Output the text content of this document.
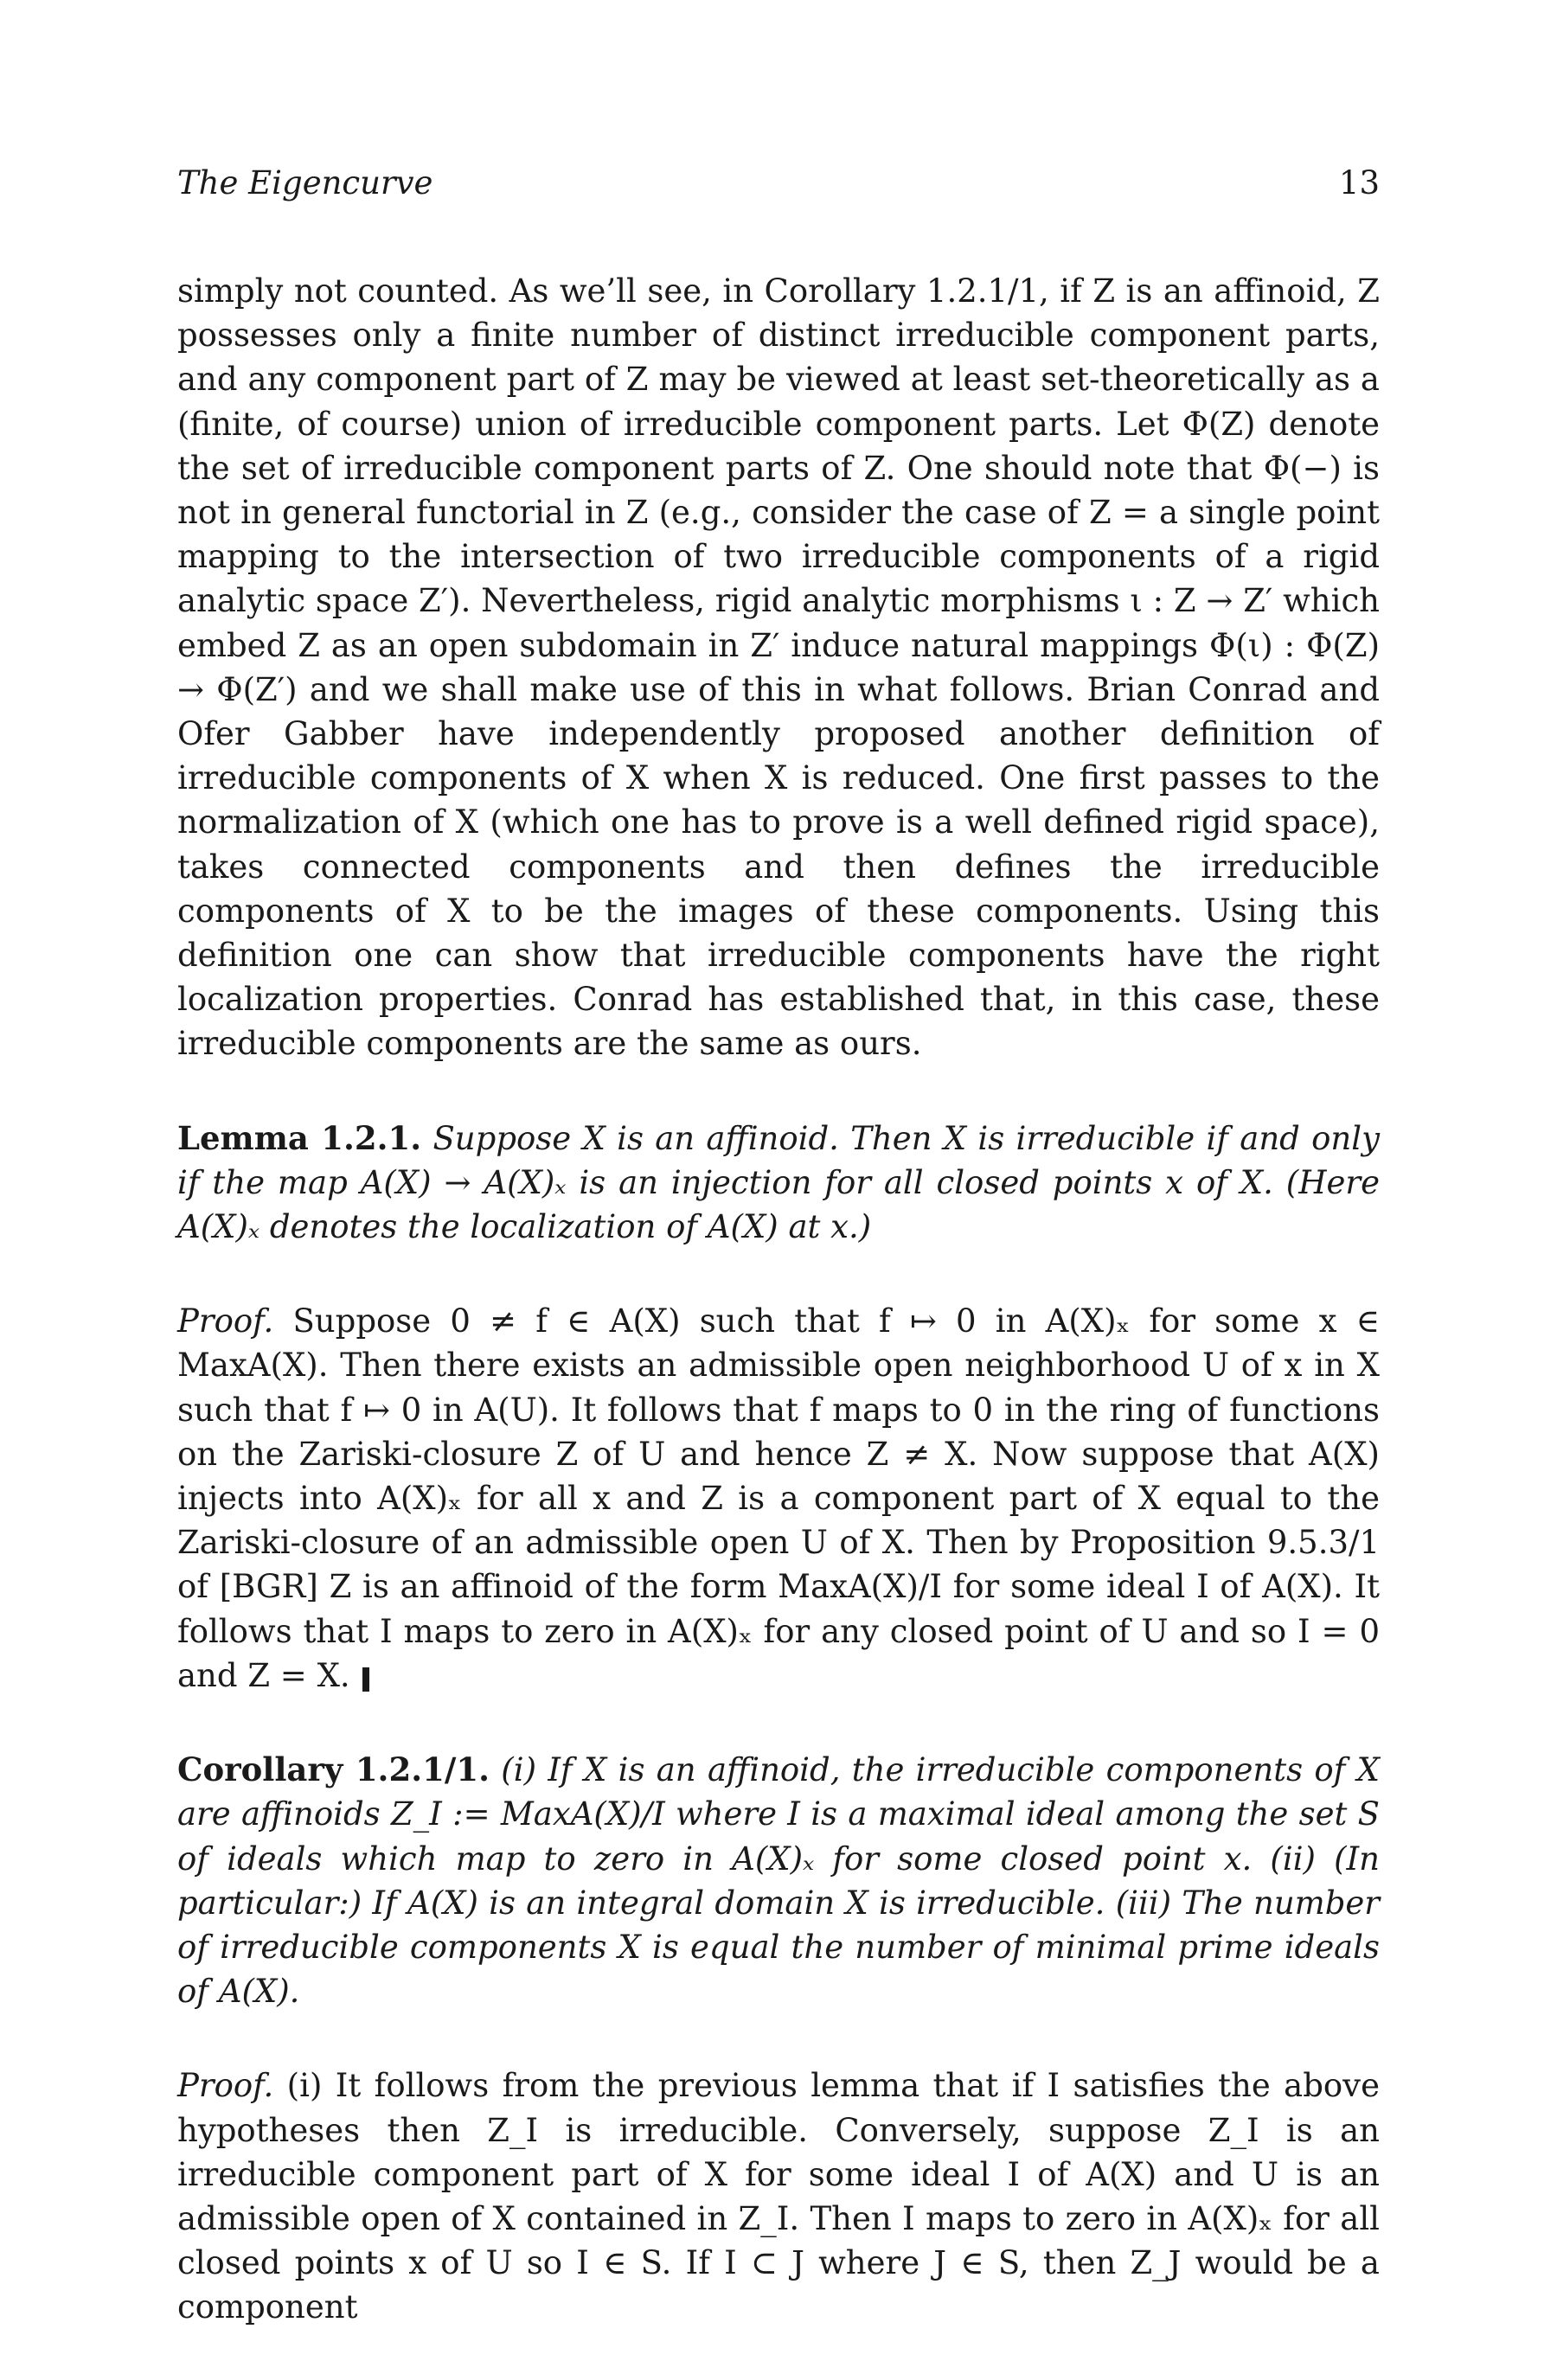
The Eigencurve	13

simply not counted. As we’ll see, in Corollary 1.2.1/1, if Z is an affinoid, Z possesses only a finite number of distinct irreducible component parts, and any component part of Z may be viewed at least set-theoretically as a (finite, of course) union of irreducible component parts. Let Φ(Z) denote the set of irreducible component parts of Z. One should note that Φ(−) is not in general functorial in Z (e.g., consider the case of Z = a single point mapping to the intersection of two irreducible components of a rigid analytic space Z′). Nevertheless, rigid analytic morphisms ι : Z → Z′ which embed Z as an open subdomain in Z′ induce natural mappings Φ(ι) : Φ(Z) → Φ(Z′) and we shall make use of this in what follows. Brian Conrad and Ofer Gabber have independently proposed another definition of irreducible components of X when X is reduced. One first passes to the normalization of X (which one has to prove is a well defined rigid space), takes connected components and then defines the irreducible components of X to be the images of these components. Using this definition one can show that irreducible components have the right localization properties. Conrad has established that, in this case, these irreducible components are the same as ours.

Lemma 1.2.1. Suppose X is an affinoid. Then X is irreducible if and only if the map A(X) → A(X)ₓ is an injection for all closed points x of X. (Here A(X)ₓ denotes the localization of A(X) at x.)

Proof. Suppose 0 ≠ f ∈ A(X) such that f ↦ 0 in A(X)ₓ for some x ∈ MaxA(X). Then there exists an admissible open neighborhood U of x in X such that f ↦ 0 in A(U). It follows that f maps to 0 in the ring of functions on the Zariski-closure Z of U and hence Z ≠ X. Now suppose that A(X) injects into A(X)ₓ for all x and Z is a component part of X equal to the Zariski-closure of an admissible open U of X. Then by Proposition 9.5.3/1 of [BGR] Z is an affinoid of the form MaxA(X)/I for some ideal I of A(X). It follows that I maps to zero in A(X)ₓ for any closed point of U and so I = 0 and Z = X.

Corollary 1.2.1/1. (i) If X is an affinoid, the irreducible components of X are affinoids Z_I := MaxA(X)/I where I is a maximal ideal among the set S of ideals which map to zero in A(X)ₓ for some closed point x. (ii) (In particular:) If A(X) is an integral domain X is irreducible. (iii) The number of irreducible components X is equal the number of minimal prime ideals of A(X).

Proof. (i) It follows from the previous lemma that if I satisfies the above hypotheses then Z_I is irreducible. Conversely, suppose Z_I is an irreducible component part of X for some ideal I of A(X) and U is an admissible open of X contained in Z_I. Then I maps to zero in A(X)ₓ for all closed points x of U so I ∈ S. If I ⊂ J where J ∈ S, then Z_J would be a component
